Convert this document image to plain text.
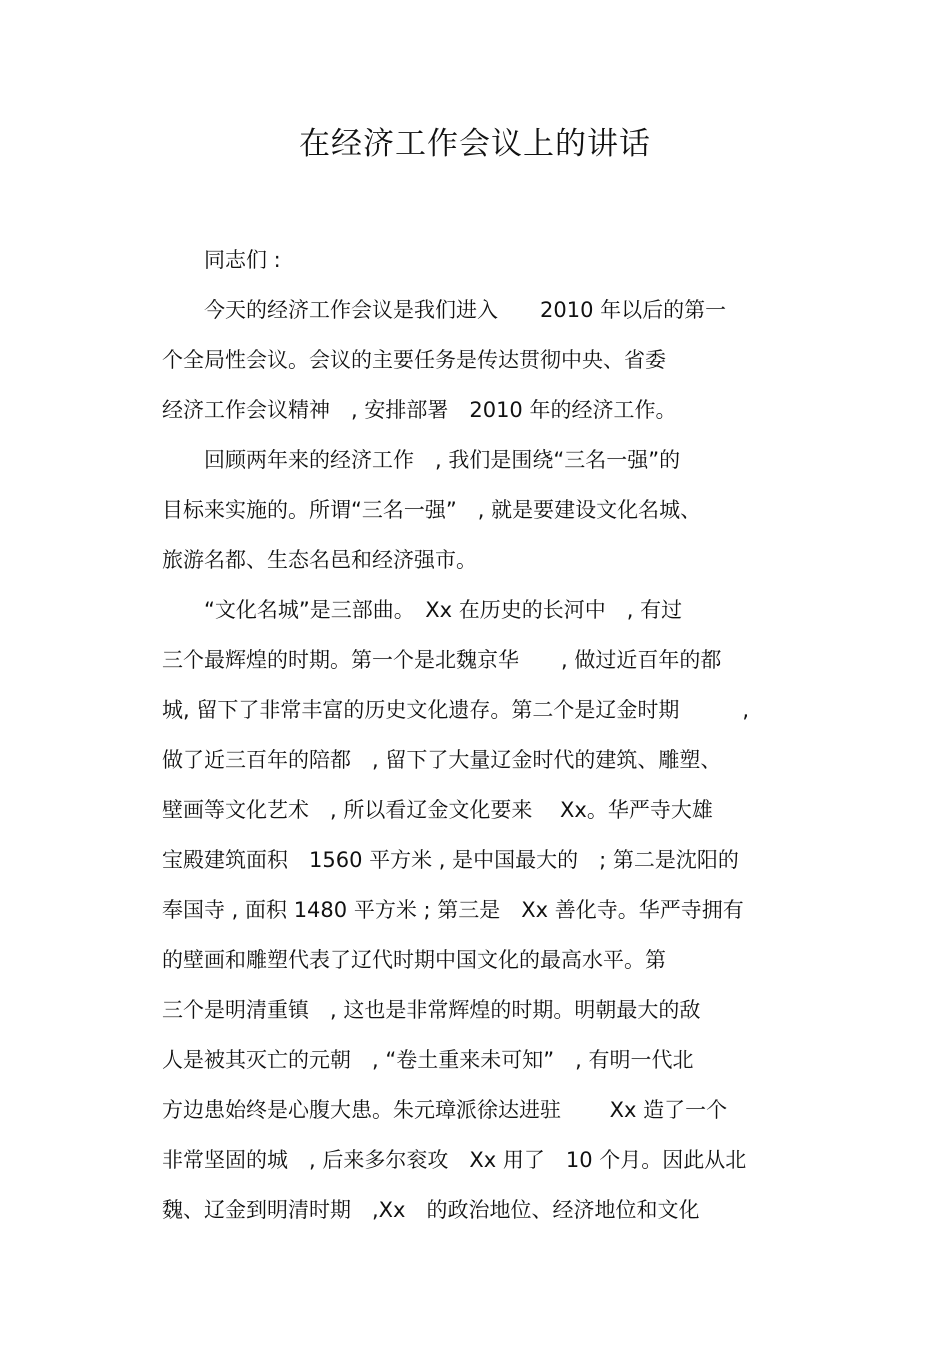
在经济工作会议上的讲话

　　同志们 :

　　今天的经济工作会议是我们进入　　2010 年以后的第一

个全局性会议。会议的主要任务是传达贯彻中央、省委

经济工作会议精神　, 安排部署　2010 年的经济工作。

　　回顾两年来的经济工作　, 我们是围绕“三名一强”的

目标来实施的。所谓“三名一强”　, 就是要建设文化名城、

旅游名都、生态名邑和经济强市。

　　“文化名城”是三部曲。　Xx 在历史的长河中　, 有过

三个最辉煌的时期。第一个是北魏京华　　, 做过近百年的都

城, 留下了非常丰富的历史文化遗存。第二个是辽金时期　　　,

做了近三百年的陪都　, 留下了大量辽金时代的建筑、雕塑、

壁画等文化艺术　, 所以看辽金文化要来　 Xx。华严寺大雄

宝殿建筑面积　1560 平方米 , 是中国最大的　; 第二是沈阳的

奉国寺 , 面积 1480 平方米 ; 第三是　Xx 善化寺。华严寺拥有

的壁画和雕塑代表了辽代时期中国文化的最高水平。第

三个是明清重镇　, 这也是非常辉煌的时期。明朝最大的敌

人是被其灭亡的元朝　, “卷土重来未可知”　, 有明一代北

方边患始终是心腹大患。朱元璋派徐达进驻　　 Xx 造了一个

非常坚固的城　, 后来多尔衮攻　Xx 用了　10 个月。因此从北

魏、辽金到明清时期　,Xx　的政治地位、经济地位和文化
